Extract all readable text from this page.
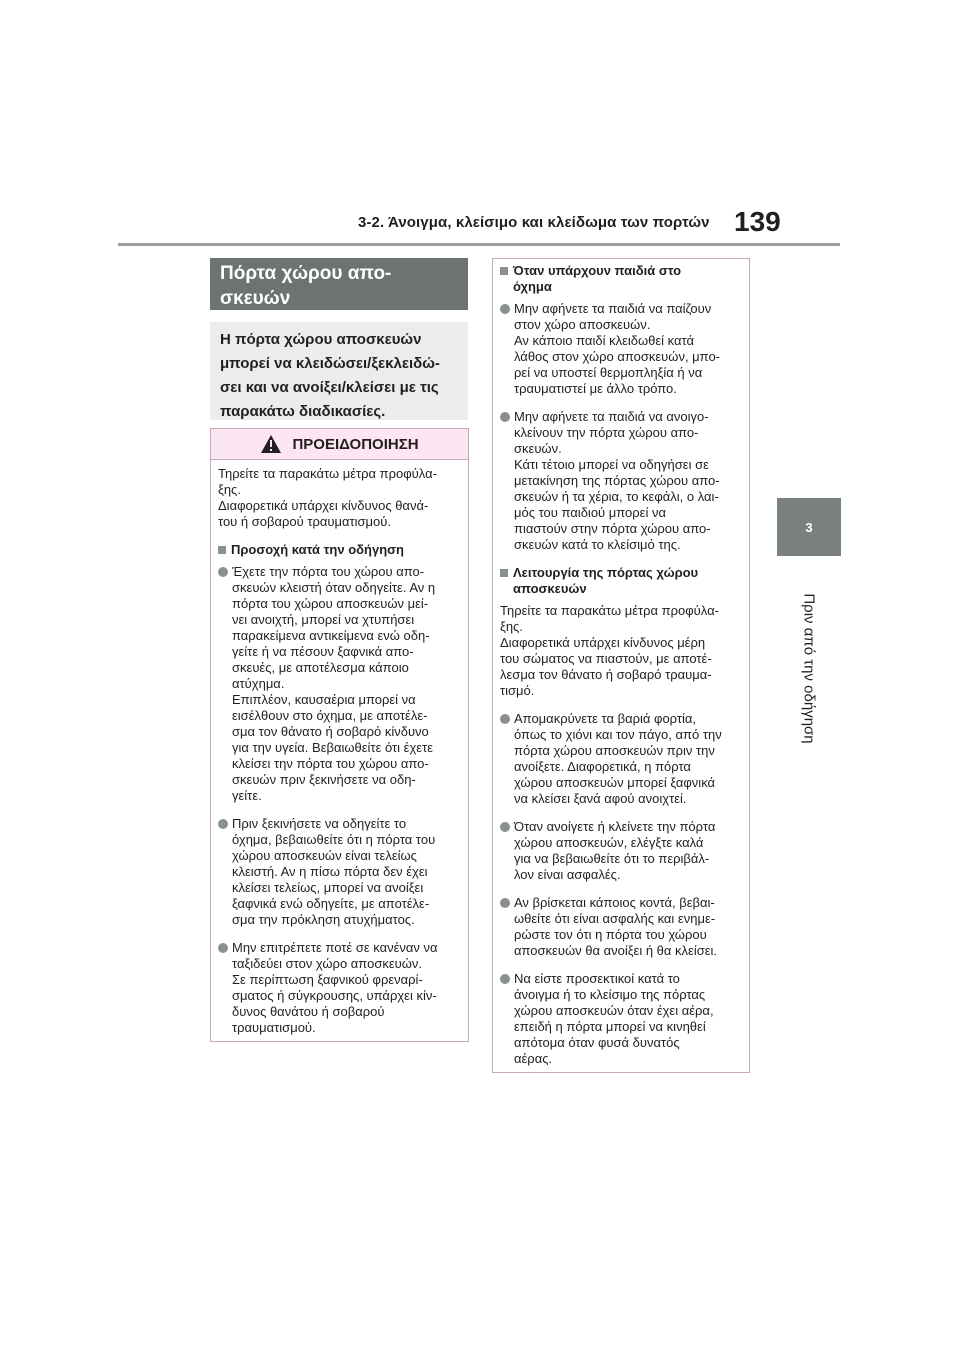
3-2. Άνοιγμα, κλείσιμο και κλείδωμα των πορτών 139
3
Πριν από την οδήγηση
Πόρτα χώρου απο-
σκευών
Η πόρτα χώρου αποσκευών
μπορεί να κλειδώσει/ξεκλειδώ-
σει και να ανοίξει/κλείσει με τις
παρακάτω διαδικασίες.
ΠΡΟΕΙΔΟΠΟΙΗΣΗ
Τηρείτε τα παρακάτω μέτρα προφύλα-
ξης.
Διαφορετικά υπάρχει κίνδυνος θανά-
του ή σοβαρού τραυματισμού.
Προσοχή κατά την οδήγηση
Έχετε την πόρτα του χώρου απο-
σκευών κλειστή όταν οδηγείτε. Αν η
πόρτα του χώρου αποσκευών μεί-
νει ανοιχτή, μπορεί να χτυπήσει
παρακείμενα αντικείμενα ενώ οδη-
γείτε ή να πέσουν ξαφνικά απο-
σκευές, με αποτέλεσμα κάποιο
ατύχημα.
Επιπλέον, καυσαέρια μπορεί να
εισέλθουν στο όχημα, με αποτέλε-
σμα τον θάνατο ή σοβαρό κίνδυνο
για την υγεία. Βεβαιωθείτε ότι έχετε
κλείσει την πόρτα του χώρου απο-
σκευών πριν ξεκινήσετε να οδη-
γείτε.
Πριν ξεκινήσετε να οδηγείτε το
όχημα, βεβαιωθείτε ότι η πόρτα του
χώρου αποσκευών είναι τελείως
κλειστή. Αν η πίσω πόρτα δεν έχει
κλείσει τελείως, μπορεί να ανοίξει
ξαφνικά ενώ οδηγείτε, με αποτέλε-
σμα την πρόκληση ατυχήματος.
Μην επιτρέπετε ποτέ σε κανέναν να
ταξιδεύει στον χώρο αποσκευών.
Σε περίπτωση ξαφνικού φρεναρί-
σματος ή σύγκρουσης, υπάρχει κίν-
δυνος θανάτου ή σοβαρού
τραυματισμού.
Όταν υπάρχουν παιδιά στο
όχημα
Μην αφήνετε τα παιδιά να παίζουν
στον χώρο αποσκευών.
Αν κάποιο παιδί κλειδωθεί κατά
λάθος στον χώρο αποσκευών, μπο-
ρεί να υποστεί θερμοπληξία ή να
τραυματιστεί με άλλο τρόπο.
Μην αφήνετε τα παιδιά να ανοιγο-
κλείνουν την πόρτα χώρου απο-
σκευών.
Κάτι τέτοιο μπορεί να οδηγήσει σε
μετακίνηση της πόρτας χώρου απο-
σκευών ή τα χέρια, το κεφάλι, ο λαι-
μός του παιδιού μπορεί να
πιαστούν στην πόρτα χώρου απο-
σκευών κατά το κλείσιμό της.
Λειτουργία της πόρτας χώρου
αποσκευών
Τηρείτε τα παρακάτω μέτρα προφύλα-
ξης.
Διαφορετικά υπάρχει κίνδυνος μέρη
του σώματος να πιαστούν, με αποτέ-
λεσμα τον θάνατο ή σοβαρό τραυμα-
τισμό.
Απομακρύνετε τα βαριά φορτία,
όπως το χιόνι και τον πάγο, από την
πόρτα χώρου αποσκευών πριν την
ανοίξετε. Διαφορετικά, η πόρτα
χώρου αποσκευών μπορεί ξαφνικά
να κλείσει ξανά αφού ανοιχτεί.
Όταν ανοίγετε ή κλείνετε την πόρτα
χώρου αποσκευών, ελέγξτε καλά
για να βεβαιωθείτε ότι το περιβάλ-
λον είναι ασφαλές.
Αν βρίσκεται κάποιος κοντά, βεβαι-
ωθείτε ότι είναι ασφαλής και ενημε-
ρώστε τον ότι η πόρτα του χώρου
αποσκευών θα ανοίξει ή θα κλείσει.
Να είστε προσεκτικοί κατά το
άνοιγμα ή το κλείσιμο της πόρτας
χώρου αποσκευών όταν έχει αέρα,
επειδή η πόρτα μπορεί να κινηθεί
απότομα όταν φυσά δυνατός
αέρας.
